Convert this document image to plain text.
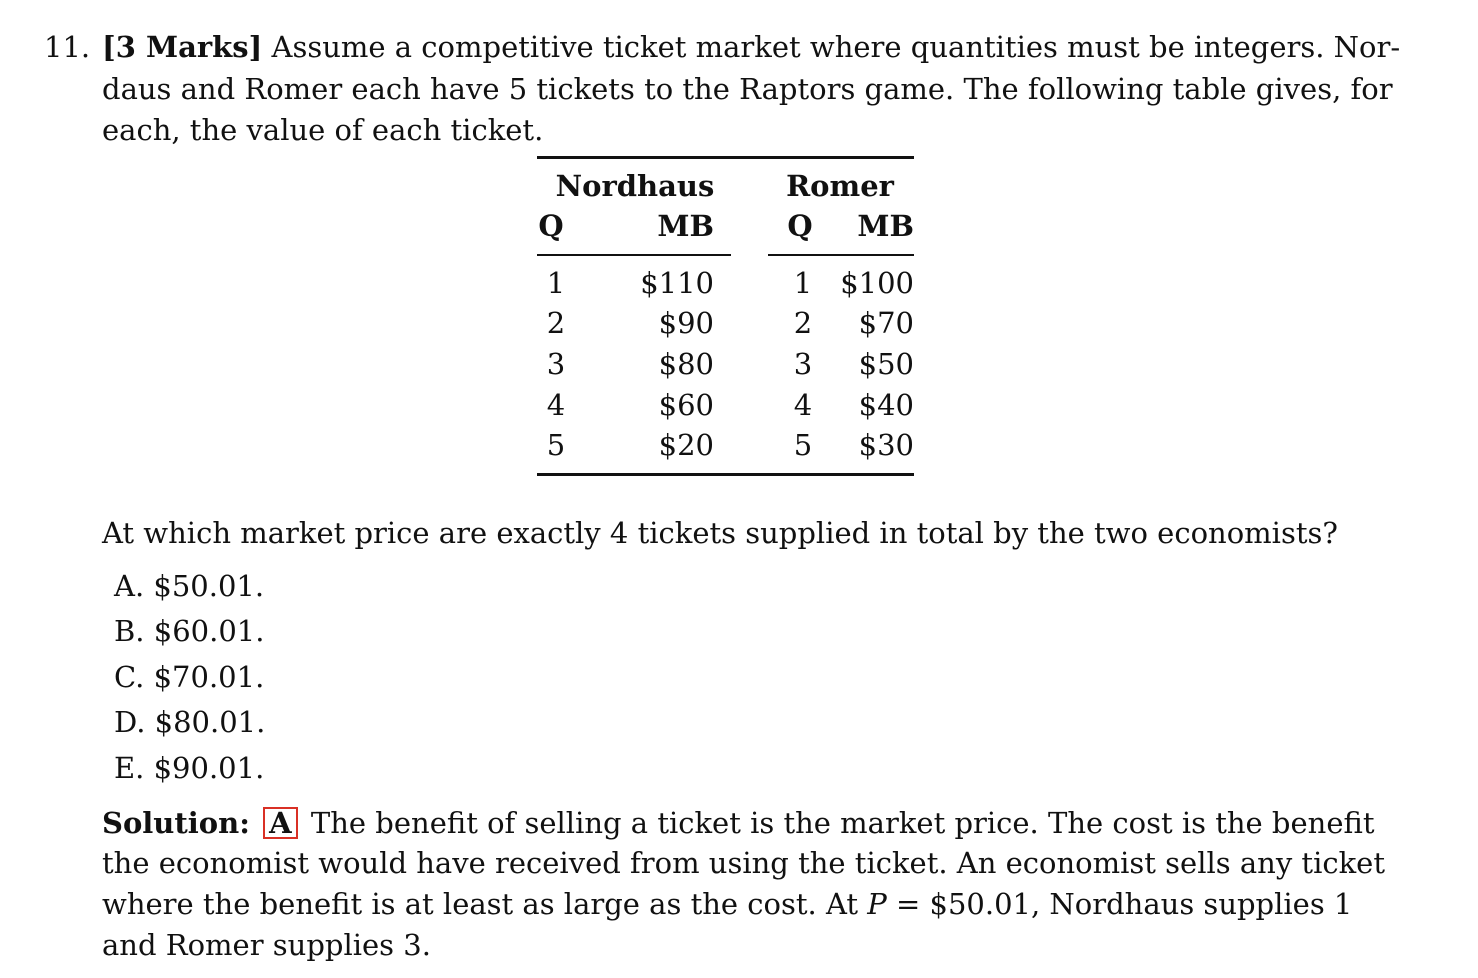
11. [3 Marks] Assume a competitive ticket market where quantities must be integers. Nor-
daus and Romer each have 5 tickets to the Raptors game. The following table gives, for
each, the value of each ticket.
Nordhaus Romer
Q	MB	Q MB
1
2
3
4
5
$110
$90
$80
$60
$20
1
2
3
4
5
$100
$70
$50
$40
$30
At which market price are exactly 4 tickets supplied in total by the two economists?
A. $50.01.
B. $60.01.
C. $70.01.
D. $80.01.
E. $90.01.
Solution: A The benefit of selling a ticket is the market price. The cost is the benefit
the economist would have received from using the ticket. An economist sells any ticket
where the benefit is at least as large as the cost. At P = $50.01, Nordhaus supplies 1
and Romer supplies 3.
